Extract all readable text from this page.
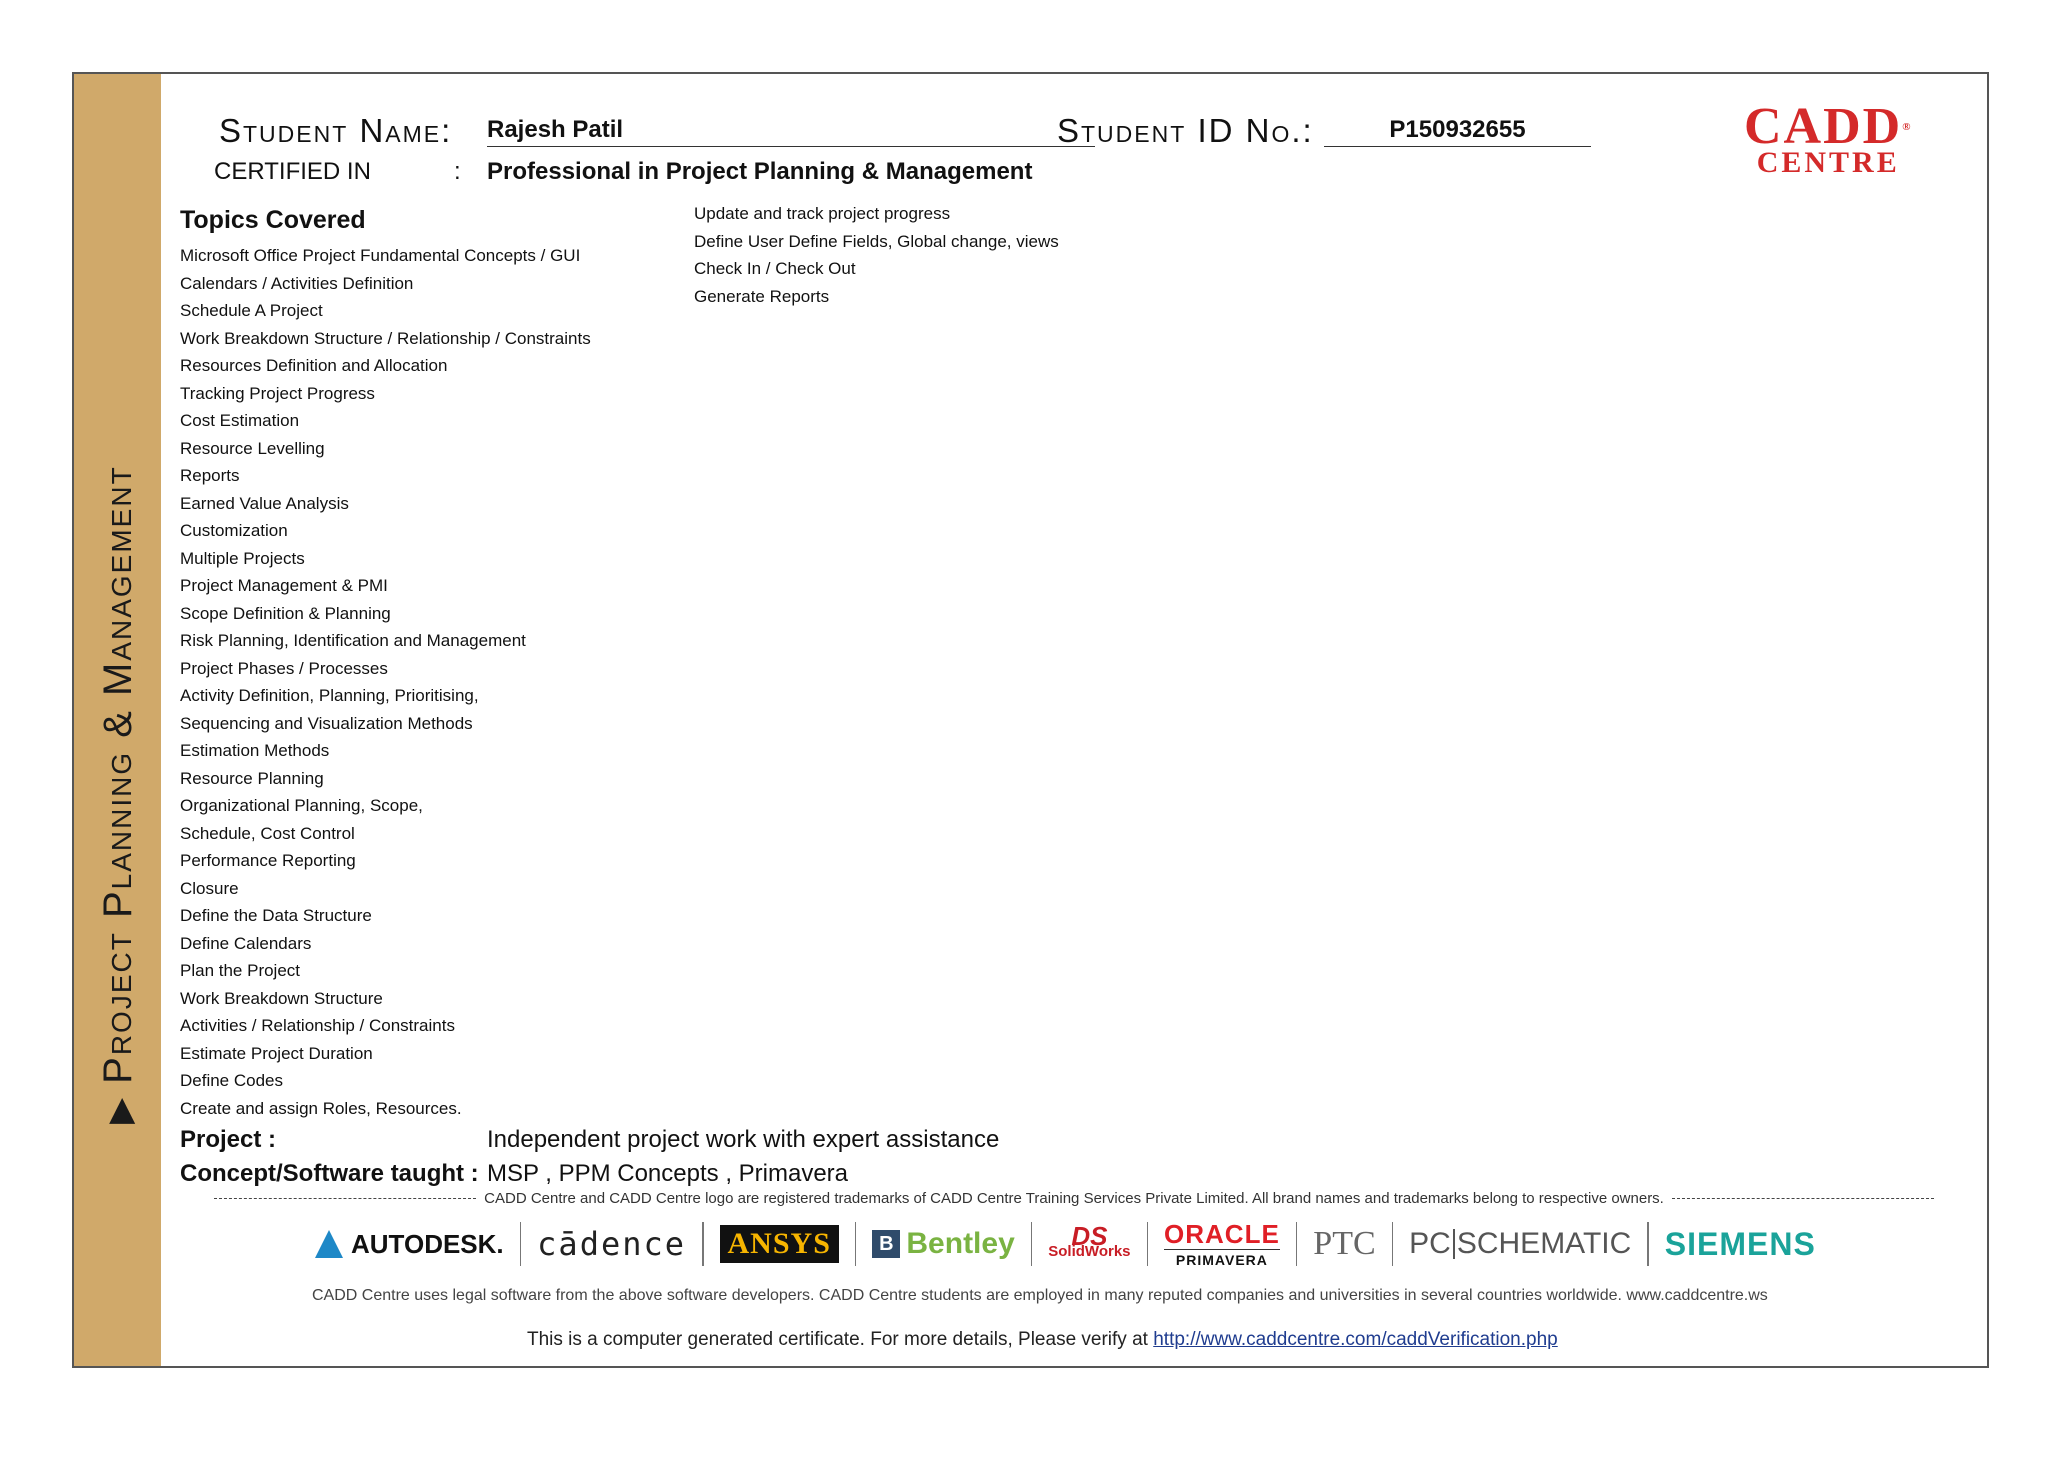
▶Project Planning & Management
Student Name: Rajesh Patil	Student ID No.:	P150932655
CERTIFIED IN	: Professional in Project Planning & Management
CADD®
CENTRE
Topics Covered
Microsoft Office Project Fundamental Concepts / GUI
Calendars / Activities Definition
Schedule A Project
Work Breakdown Structure / Relationship / Constraints
Resources Definition and Allocation
Tracking Project Progress
Cost Estimation
Resource Levelling
Reports
Earned Value Analysis
Customization
Multiple Projects
Project Management & PMI
Scope Definition & Planning
Risk Planning, Identification and Management
Project Phases / Processes
Activity Definition, Planning, Prioritising,
Sequencing and Visualization Methods
Estimation Methods
Resource Planning
Organizational Planning, Scope,
Schedule, Cost Control
Performance Reporting
Closure
Define the Data Structure
Define Calendars
Plan the Project
Work Breakdown Structure
Activities / Relationship / Constraints
Estimate Project Duration
Define Codes
Create and assign Roles, Resources.
Update and track project progress
Define User Define Fields, Global change, views
Check In / Check Out
Generate Reports
Project :	Independent project work with expert assistance
Concept/Software taught : MSP , PPM Concepts , Primavera
CADD Centre and CADD Centre logo are registered trademarks of CADD Centre Training Services Private Limited. All brand names and trademarks belong to respective owners.
AUTODESK.	cādence	ANSYS	B Bentley	DS
SolidWorks
ORACLE
PRIMAVERA	PTC	PC SCHEMATIC	SIEMENS
CADD Centre uses legal software from the above software developers. CADD Centre students are employed in many reputed companies and universities in several countries worldwide. www.caddcentre.ws
This is a computer generated certificate. For more details, Please verify at http://www.caddcentre.com/caddVerification.php
